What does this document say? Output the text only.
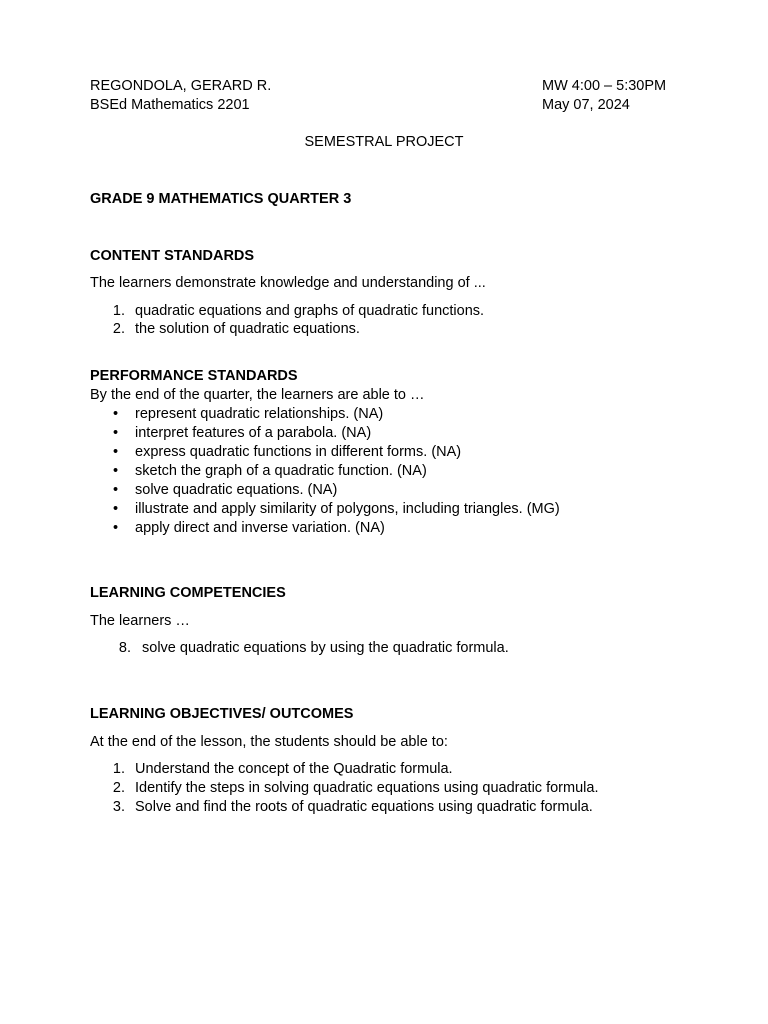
REGONDOLA, GERARD R.
BSEd Mathematics 2201
MW 4:00 – 5:30PM
May 07, 2024
SEMESTRAL PROJECT
GRADE 9 MATHEMATICS QUARTER 3
CONTENT STANDARDS
The learners demonstrate knowledge and understanding of ...
1. quadratic equations and graphs of quadratic functions.
2. the solution of quadratic equations.
PERFORMANCE STANDARDS
By the end of the quarter, the learners are able to …
• represent quadratic relationships. (NA)
• interpret features of a parabola. (NA)
• express quadratic functions in different forms. (NA)
• sketch the graph of a quadratic function. (NA)
• solve quadratic equations. (NA)
• illustrate and apply similarity of polygons, including triangles. (MG)
• apply direct and inverse variation. (NA)
LEARNING COMPETENCIES
The learners …
8. solve quadratic equations by using the quadratic formula.
LEARNING OBJECTIVES/ OUTCOMES
At the end of the lesson, the students should be able to:
1. Understand the concept of the Quadratic formula.
2. Identify the steps in solving quadratic equations using quadratic formula.
3. Solve and find the roots of quadratic equations using quadratic formula.
